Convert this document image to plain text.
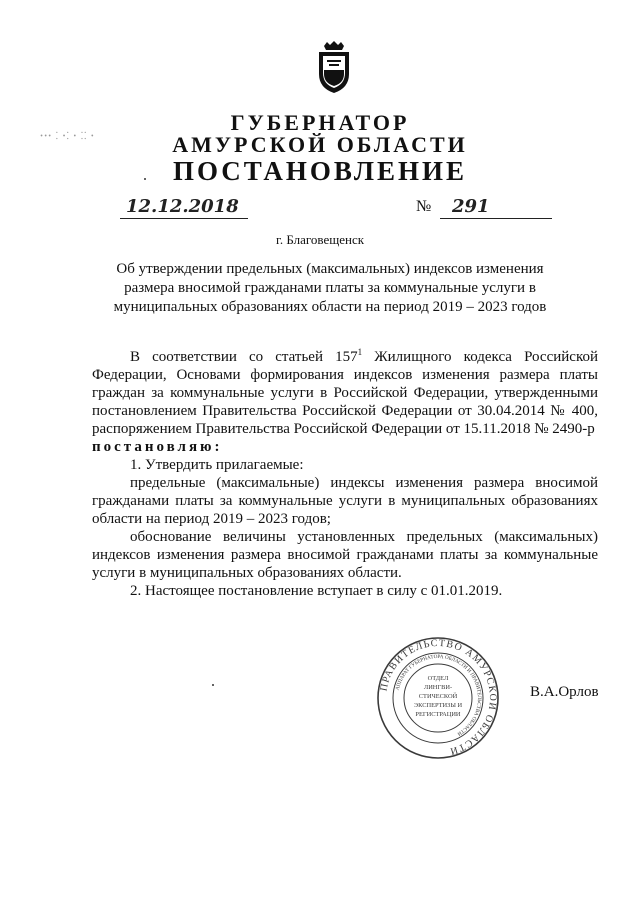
ꞏꞏꞏ ⁚ ꞏ⁚ ꞏ ⁚⁚ ꞏ
ГУБЕРНАТОР
АМУРСКОЙ ОБЛАСТИ
ПОСТАНОВЛЕНИЕ
12.12.2018	№ 291
г. Благовещенск
Об утверждении предельных (максимальных) индексов изменения размера вносимой гражданами платы за коммунальные услуги в муниципальных образованиях области на период 2019 – 2023 годов

В соответствии со статьей $157^1$ Жилищного кодекса Российской Федерации, Основами формирования индексов изменения размера платы граждан за коммунальные услуги в Российской Федерации, утвержденными постановлением Правительства Российской Федерации от 30.04.2014 № 400, распоряжением Правительства Российской Федерации от 15.11.2018 № 2490-р

постановляю:

1. Утвердить прилагаемые:

предельные (максимальные) индексы изменения размера вносимой гражданами платы за коммунальные услуги в муниципальных образованиях области на период 2019 – 2023 годов;

обоснование величины установленных предельных (максимальных) индексов изменения размера вносимой гражданами платы за коммунальные услуги в муниципальных образованиях области.

2. Настоящее постановление вступает в силу с 01.01.2019.

ПРАВИТЕЛЬСТВО АМУРСКОЙ ОБЛАСТИ
АППАРАТ ГУБЕРНАТОРА ОБЛАСТИ И ПРАВИТЕЛЬСТВА ОБЛАСТИ
ОТДЕЛ
ЛИНГВИ-
СТИЧЕСКОЙ
ЭКСПЕРТИЗЫ И
РЕГИСТРАЦИИ
В.А.Орлов
